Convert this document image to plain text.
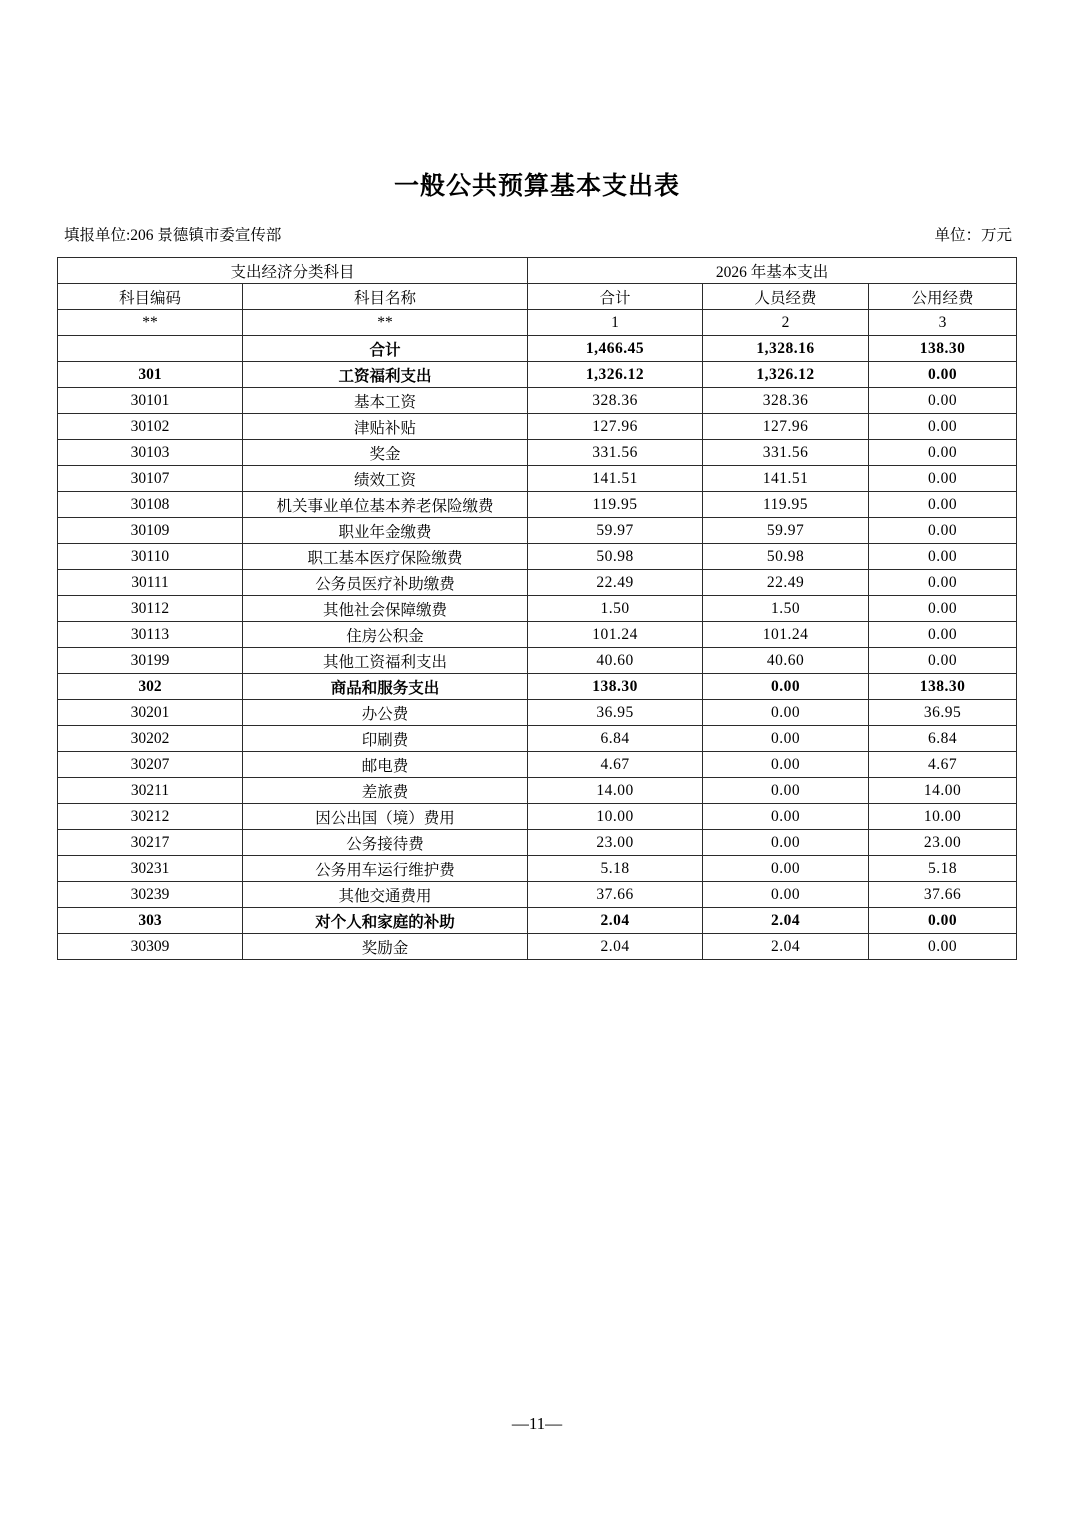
一般公共预算基本支出表
填报单位:206 景德镇市委宣传部	单位：万元
支出经济分类科目		2026 年基本支出		
科目编码	科目名称	合计	人员经费	公用经费
**	**	1	2	3
	合计	1,466.45	1,328.16	138.30
301	工资福利支出	1,326.12	1,326.12	0.00
30101	基本工资	328.36	328.36	0.00
30102	津贴补贴	127.96	127.96	0.00
30103	奖金	331.56	331.56	0.00
30107	绩效工资	141.51	141.51	0.00
30108	机关事业单位基本养老保险缴费	119.95	119.95	0.00
30109	职业年金缴费	59.97	59.97	0.00
30110	职工基本医疗保险缴费	50.98	50.98	0.00
30111	公务员医疗补助缴费	22.49	22.49	0.00
30112	其他社会保障缴费	1.50	1.50	0.00
30113	住房公积金	101.24	101.24	0.00
30199	其他工资福利支出	40.60	40.60	0.00
302	商品和服务支出	138.30	0.00	138.30
30201	办公费	36.95	0.00	36.95
30202	印刷费	6.84	0.00	6.84
30207	邮电费	4.67	0.00	4.67
30211	差旅费	14.00	0.00	14.00
30212	因公出国（境）费用	10.00	0.00	10.00
30217	公务接待费	23.00	0.00	23.00
30231	公务用车运行维护费	5.18	0.00	5.18
30239	其他交通费用	37.66	0.00	37.66
303	对个人和家庭的补助	2.04	2.04	0.00
30309	奖励金	2.04	2.04	0.00
—11—
